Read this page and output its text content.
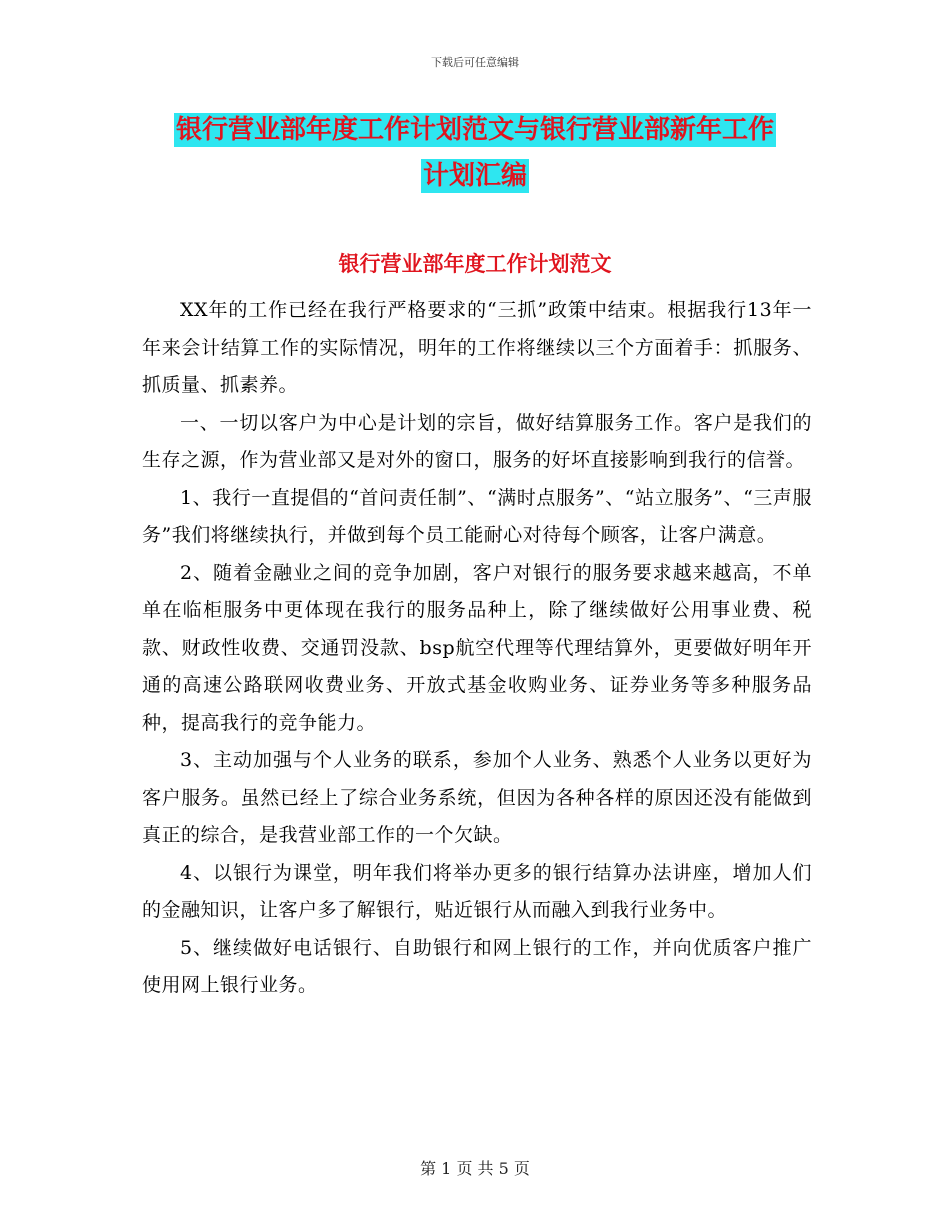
下载后可任意编辑
银行营业部年度工作计划范文与银行营业部新年工作
计划汇编
银行营业部年度工作计划范文

XX年的工作已经在我行严格要求的“三抓”政策中结束。根据我行13年一年来会计结算工作的实际情况，明年的工作将继续以三个方面着手：抓服务、抓质量、抓素养。

一、一切以客户为中心是计划的宗旨，做好结算服务工作。客户是我们的生存之源，作为营业部又是对外的窗口，服务的好坏直接影响到我行的信誉。

1、我行一直提倡的“首问责任制”、“满时点服务”、“站立服务”、“三声服务”我们将继续执行，并做到每个员工能耐心对待每个顾客，让客户满意。

2、随着金融业之间的竞争加剧，客户对银行的服务要求越来越高，不单单在临柜服务中更体现在我行的服务品种上，除了继续做好公用事业费、税款、财政性收费、交通罚没款、bsp航空代理等代理结算外，更要做好明年开通的高速公路联网收费业务、开放式基金收购业务、证券业务等多种服务品种，提高我行的竞争能力。

3、主动加强与个人业务的联系，参加个人业务、熟悉个人业务以更好为客户服务。虽然已经上了综合业务系统，但因为各种各样的原因还没有能做到真正的综合，是我营业部工作的一个欠缺。

4、以银行为课堂，明年我们将举办更多的银行结算办法讲座，增加人们的金融知识，让客户多了解银行，贴近银行从而融入到我行业务中。

5、继续做好电话银行、自助银行和网上银行的工作，并向优质客户推广使用网上银行业务。

第 1 页 共 5 页
